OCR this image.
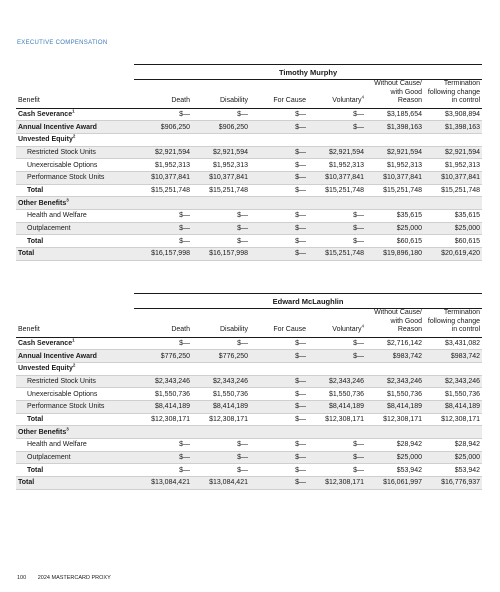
EXECUTIVE COMPENSATION
	Timothy Murphy					
Benefit	Death	Disability	For Cause	Voluntary$^4$	Without Cause/ with Good Reason	Termination following change in control
Cash Severance$^1$	$—	$—	$—	$—	$3,185,654	$3,908,894
Annual Incentive Award	$906,250	$906,250	$—	$—	$1,398,163	$1,398,163
Unvested Equity$^2$						
Restricted Stock Units	$2,921,594	$2,921,594	$—	$2,921,594	$2,921,594	$2,921,594
Unexercisable Options	$1,952,313	$1,952,313	$—	$1,952,313	$1,952,313	$1,952,313
Performance Stock Units	$10,377,841	$10,377,841	$—	$10,377,841	$10,377,841	$10,377,841
Total	$15,251,748	$15,251,748	$—	$15,251,748	$15,251,748	$15,251,748
Other Benefits$^3$						
Health and Welfare	$—	$—	$—	$—	$35,615	$35,615
Outplacement	$—	$—	$—	$—	$25,000	$25,000
Total	$—	$—	$—	$—	$60,615	$60,615
Total	$16,157,998	$16,157,998	$—	$15,251,748	$19,896,180	$20,619,420
	Edward McLaughlin					
Benefit	Death	Disability	For Cause	Voluntary$^4$	Without Cause/ with Good Reason	Termination following change in control
Cash Severance$^1$	$—	$—	$—	$—	$2,716,142	$3,431,082
Annual Incentive Award	$776,250	$776,250	$—	$—	$983,742	$983,742
Unvested Equity$^2$						
Restricted Stock Units	$2,343,246	$2,343,246	$—	$2,343,246	$2,343,246	$2,343,246
Unexercisable Options	$1,550,736	$1,550,736	$—	$1,550,736	$1,550,736	$1,550,736
Performance Stock Units	$8,414,189	$8,414,189	$—	$8,414,189	$8,414,189	$8,414,189
Total	$12,308,171	$12,308,171	$—	$12,308,171	$12,308,171	$12,308,171
Other Benefits$^3$						
Health and Welfare	$—	$—	$—	$—	$28,942	$28,942
Outplacement	$—	$—	$—	$—	$25,000	$25,000
Total	$—	$—	$—	$—	$53,942	$53,942
Total	$13,084,421	$13,084,421	$—	$12,308,171	$16,061,997	$16,776,937
100 2024 MASTERCARD PROXY
